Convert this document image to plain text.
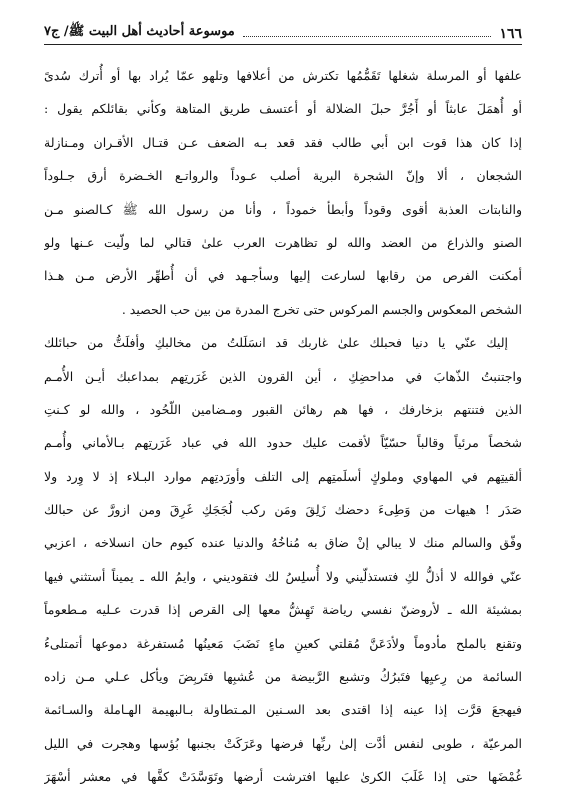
١٦٦
موسوعة أحاديث أهل البيت ﷺ/ ج٧
علفها أو المرسلة شغلها تَقَمُّمُها تكترش من أعلافها وتلهو عمّا يُراد بها أو أُترك سُدىً
أو أُهمَلَ عابثاً أو أَجُرَّ حبلَ الضلالة أو أعتسف طريق المتاهة وكأني بقائلكم يقول :
إذا كان هذا قوت ابن أبي طالب فقد قعد بـه الضعف عـن قتـال الأقـران ومـنازلة
الشجعان ، ألا وإنّ الشجرة البرية أصلب عـوداً والرواتـع الخـضرة أرق جـلوداً
والنابتات العذبة أقوى وقوداً وأبطأ خموداً ، وأنا من رسول الله ﷺ كـالصنو مـن
الصنو والذراع من العضد والله لو تظاهرت العرب علىٰ قتالي لما ولّيت عـنها ولو
أمكنت الفرص من رقابها لسارعت إليها وسأجـهد في أن أُطهِّر الأرض مـن هـذا
الشخص المعكوس والجسم المركوس حتى تخرج المدرة من بين حب الحصيد .
إليك عنّي يا دنيا فحبلك علىٰ غاربك قد انسَلَلتُ من مخالبكِ وأفلَتُّ من حبائلك
واجتنبتُ الذّهابَ في مداحضِكِ ، أين القرون الذين غَرَرتِهم بمداعبك أيـن الأُمـم
الذين فتنتهم بزخارفك ، فها هم رهائن القبور ومـضامين اللّحُود ، والله لو كـنتِ
شخصاً مرئياً وقالباً حسّيّاً لأقمت عليك حدود الله في عباد غَرَرتِهم بـالأماني وأُمـم
ألقيتِهم في المهاوي وملوكٍ أسلَمتِهم إلى التلف وأورَدتِهم موارد البـلاء إذ لا وِرد ولا
صَدَر ! هيهات من وَطِىءَ دحضك زَلِقَ ومَن ركب لُجَجَكِ غَرِقَ ومن ازورَّ عن حبالك
وفّق والسالم منك لا يبالي إنْ ضاق به مُناخُهُ والدنيا عنده كيوم حان انسلاخه ، اعزبي
عنّي فوالله لا أذلُّ لكِ فتستذلّيني ولا أُسلِسُ لك فتقوديني ، وايمُ الله ـ يميناً أستثني فيها
بمشيئة الله ـ لأروضنّ نفسي رياضة تَهِشُّ معها إلى القرص إذا قدرت عـليه مـطعوماً
وتقنع بالملح مأدوماً ولأدَعَنَّ مُقلتي كعينِ ماءٍ نَضَبَ مَعينُها مُستفرغة دموعها أتمتلىءُ
السائمة من رِعيِها فتَبرُكُ وتشبع الرَّبيضة من عُشبِها فتَربِضَ ويأكل عـلي مـن زاده
فيهجعَ قرَّت إذا عينه إذا اقتدى بعد السـنين المـتطاولة بـالبهيمة الهـاملة والسـائمة
المرعيّة ، طوبى لنفس أدَّت إلىٰ ربِّها فرضها وعَرَكَتْ بجنبها بُؤسها وهجرت في الليل
غُمْضَها حتى إذا غَلَبَ الكرىٰ عليها افترشت أرضها وتَوَسَّدَتْ كفَّها في معشر أسْهَرَ
